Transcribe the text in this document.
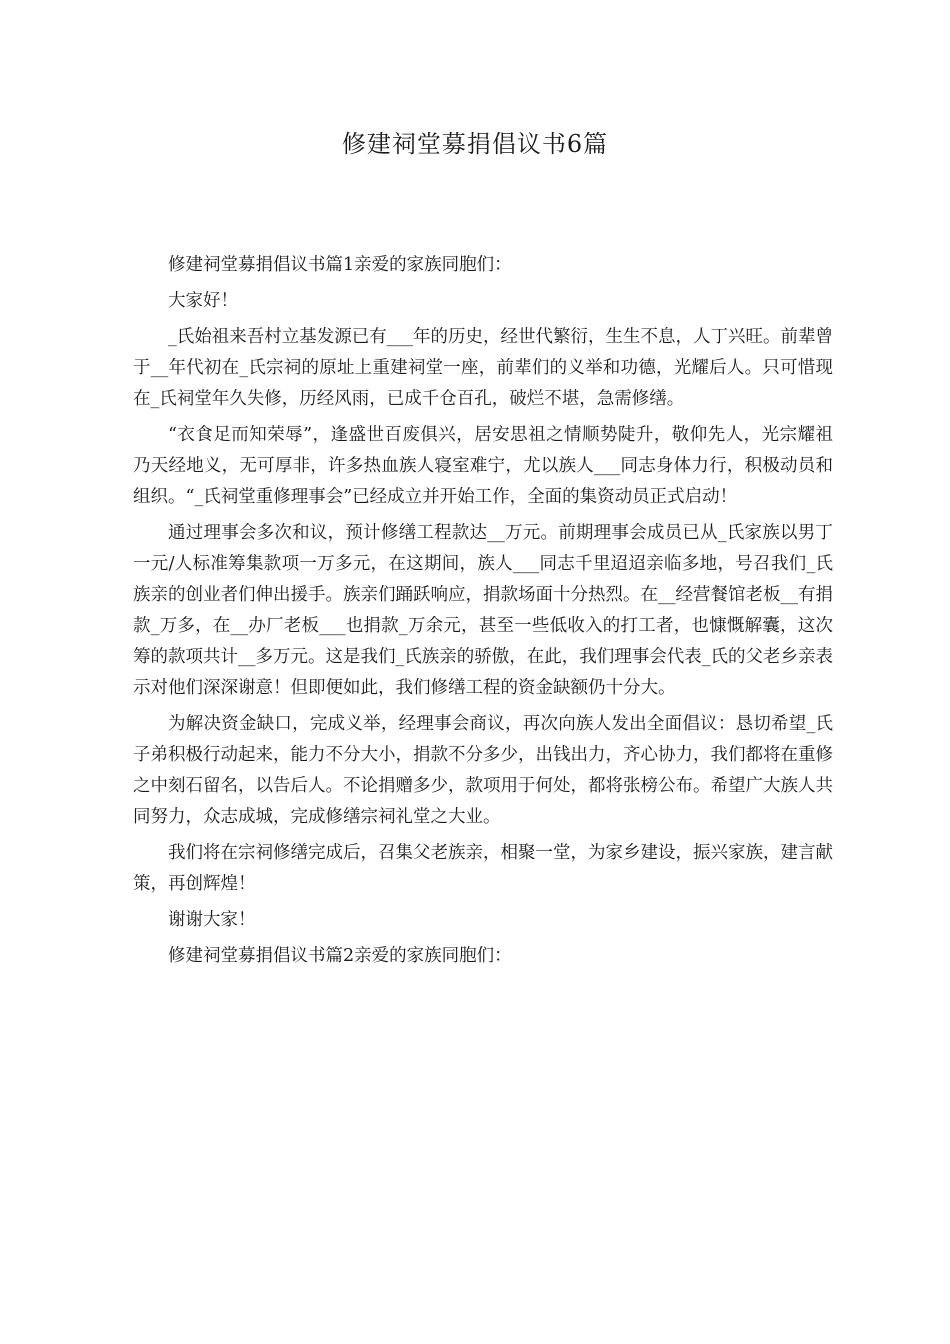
修建祠堂募捐倡议书6篇

修建祠堂募捐倡议书篇1亲爱的家族同胞们：

大家好！

_氏始祖来吾村立基发源已有___年的历史，经世代繁衍，生生不息，人丁兴旺。前辈曾于__年代初在_氏宗祠的原址上重建祠堂一座，前辈们的义举和功德，光耀后人。只可惜现在_氏祠堂年久失修，历经风雨，已成千仓百孔，破烂不堪，急需修缮。

“衣食足而知荣辱”，逢盛世百废俱兴，居安思祖之情顺势陡升，敬仰先人，光宗耀祖乃天经地义，无可厚非，许多热血族人寝室难宁，尤以族人___同志身体力行，积极动员和组织。“_氏祠堂重修理事会”已经成立并开始工作，全面的集资动员正式启动！

通过理事会多次和议，预计修缮工程款达__万元。前期理事会成员已从_氏家族以男丁一元/人标准筹集款项一万多元，在这期间，族人___同志千里迢迢亲临多地，号召我们_氏族亲的创业者们伸出援手。族亲们踊跃响应，捐款场面十分热烈。在__经营餐馆老板__有捐款_万多，在__办厂老板___也捐款_万余元，甚至一些低收入的打工者，也慷慨解囊，这次筹的款项共计__多万元。这是我们_氏族亲的骄傲，在此，我们理事会代表_氏的父老乡亲表示对他们深深谢意！但即便如此，我们修缮工程的资金缺额仍十分大。

为解决资金缺口，完成义举，经理事会商议，再次向族人发出全面倡议：恳切希望_氏子弟积极行动起来，能力不分大小，捐款不分多少，出钱出力，齐心协力，我们都将在重修之中刻石留名，以告后人。不论捐赠多少，款项用于何处，都将张榜公布。希望广大族人共同努力，众志成城，完成修缮宗祠礼堂之大业。

我们将在宗祠修缮完成后，召集父老族亲，相聚一堂，为家乡建设，振兴家族，建言献策，再创辉煌！

谢谢大家！

修建祠堂募捐倡议书篇2亲爱的家族同胞们：
